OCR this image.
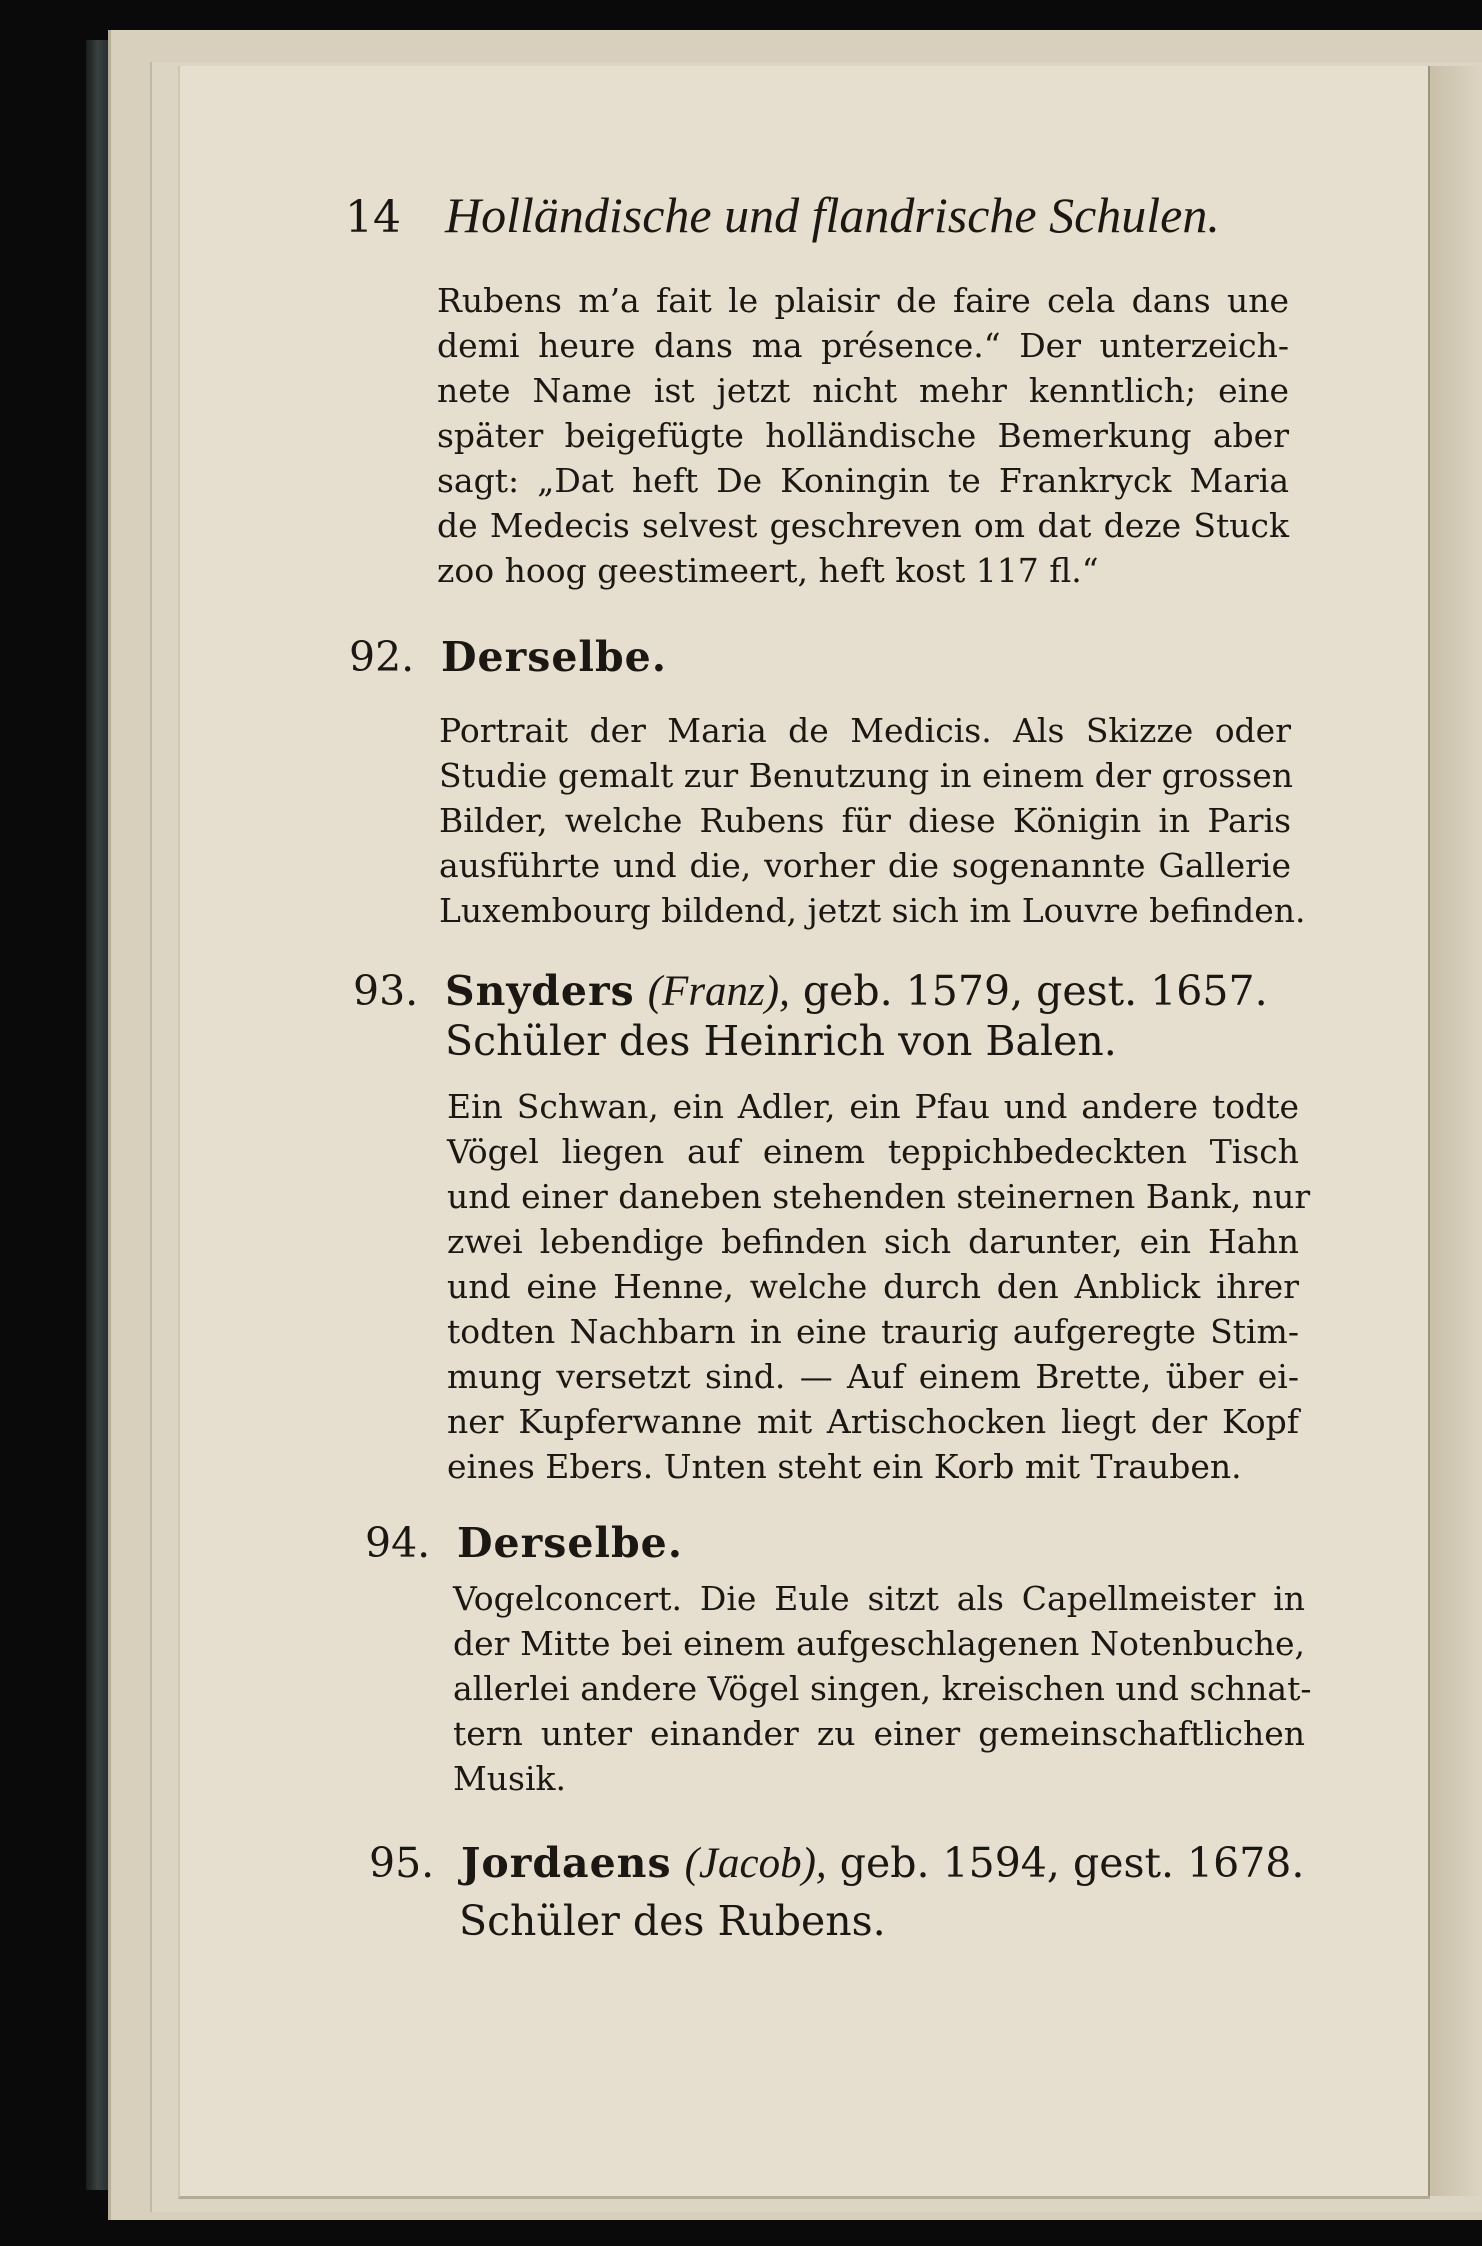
14 Holländische und flandrische Schulen.
Rubens m’a fait le plaisir de faire cela dans une
demi heure dans ma présence.“ Der unterzeich-
nete Name ist jetzt nicht mehr kenntlich; eine
später beigefügte holländische Bemerkung aber
sagt: „Dat heft De Koningin te Frankryck Maria
de Medecis selvest geschreven om dat deze Stuck
zoo hoog geestimeert, heft kost 117 fl.“
92. Derselbe.
Portrait der Maria de Medicis. Als Skizze oder
Studie gemalt zur Benutzung in einem der grossen
Bilder, welche Rubens für diese Königin in Paris
ausführte und die, vorher die sogenannte Gallerie
Luxembourg bildend, jetzt sich im Louvre befinden.
93. Snyders (Franz), geb. 1579, gest. 1657.
Schüler des Heinrich von Balen.
Ein Schwan, ein Adler, ein Pfau und andere todte
Vögel liegen auf einem teppichbedeckten Tisch
und einer daneben stehenden steinernen Bank, nur
zwei lebendige befinden sich darunter, ein Hahn
und eine Henne, welche durch den Anblick ihrer
todten Nachbarn in eine traurig aufgeregte Stim-
mung versetzt sind. — Auf einem Brette, über ei-
ner Kupferwanne mit Artischocken liegt der Kopf
eines Ebers. Unten steht ein Korb mit Trauben.
94. Derselbe.
Vogelconcert. Die Eule sitzt als Capellmeister in
der Mitte bei einem aufgeschlagenen Notenbuche,
allerlei andere Vögel singen, kreischen und schnat-
tern unter einander zu einer gemeinschaftlichen
Musik.
95. Jordaens (Jacob), geb. 1594, gest. 1678.
Schüler des Rubens.
